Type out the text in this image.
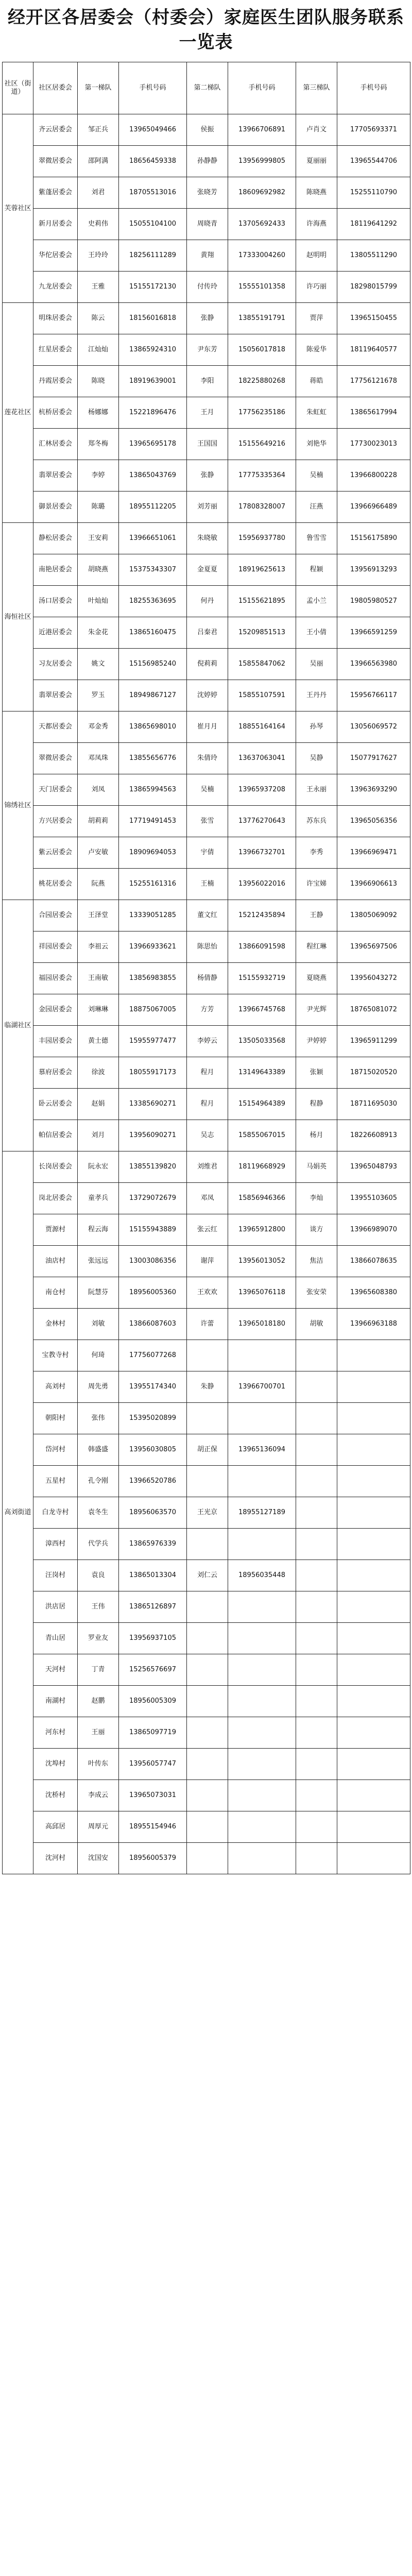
经开区各居委会（村委会）家庭医生团队服务联系一览表
社区（街道）	社区居委会	第一梯队	手机号码	第二梯队	手机号码	第三梯队	手机号码
芙蓉社区	齐云居委会	邹正兵	13965049466	侯振	13966706891	卢肖文	17705693371
	翠微居委会	邵阿满	18656459338	孙静静	13956999805	夏丽丽	13965544706
	紫蓬居委会	刘君	18705513016	张晓芳	18609692982	陈晓燕	15255110790
	新月居委会	史莉伟	15055104100	周晓青	13705692433	许海燕	18119641292
	华佗居委会	王玲玲	18256111289	黄翔	17333004260	赵明明	13805511290
	九龙居委会	王雅	15155172130	付传玲	15555101358	许巧丽	18298015799
莲花社区	明珠居委会	陈云	18156016818	张静	13855191791	贾萍	13965150455
	红星居委会	江灿灿	13865924310	尹东芳	15056017818	陈爱华	18119640577
	丹霞居委会	陈晓	18919639001	李阳	18225880268	蒋皓	17756121678
	杭桥居委会	杨娜娜	15221896476	王月	17756235186	朱虹虹	13865617994
	汇林居委会	郑冬梅	13965695178	王国国	15155649216	刘艳华	17730023013
	翡翠居委会	李婷	13865043769	张静	17775335364	吴楠	13966800228
	御景居委会	陈璐	18955112205	刘芳丽	17808328007	汪燕	13966966489
海恒社区	静松居委会	王安莉	13966651061	朱晓敏	15956937780	鲁雪雪	15156175890
	南艳居委会	胡晓燕	15375343307	金夏夏	18919625613	程颖	13956913293
	汤口居委会	叶灿灿	18255363695	何丹	15155621895	孟小兰	19805980527
	近港居委会	朱金花	13865160475	吕秦君	15209851513	王小倩	13966591259
	习友居委会	姚文	15156985240	倪莉莉	15855847062	吴丽	13966563980
	翡翠居委会	罗玉	18949867127	沈婷婷	15855107591	王丹丹	15956766117
锦绣社区	天都居委会	邓金秀	13865698010	崔月月	18855164164	孙琴	13056069572
	翠微居委会	邓凤珠	13855656776	朱倩玲	13637063041	吴静	15077917627
	天门居委会	刘凤	13865994563	吴楠	13965937208	王永丽	13963693290
	方兴居委会	胡莉莉	17719491453	张雪	13776270643	苏东兵	13965056356
	紫云居委会	卢安敏	18909694053	宇倩	13966732701	李秀	13966969471
	桃花居委会	阮燕	15255161316	王楠	13956022016	许宝娣	13966906613
临湖社区	合园居委会	王泽堂	13339051285	董文红	15212435894	王静	13805069092
	祥园居委会	李祖云	13966933621	陈思怡	13866091598	程红琳	13965697506
	福园居委会	王南敏	13856983855	杨倩静	15155932719	夏晓燕	13956043272
	金园居委会	刘琳琳	18875067005	方芳	13966745768	尹光辉	18765081072
	丰园居委会	黄士德	15955977477	李婷云	13505033568	尹婷婷	13965911299
	慕府居委会	徐波	18055917173	程月	13149643389	张颖	18715020520
	卧云居委会	赵娟	13385690271	程月	15154964389	程静	18711695030
	帕信居委会	刘月	13956090271	吴志	15855067015	杨月	18226608913
高刘街道	长岗居委会	阮永宏	13855139820	刘维君	18119668929	马娟英	13965048793
	岗北居委会	童孝兵	13729072679	邓凤	15856946366	李灿	13955103605
	贾源村	程云海	15155943889	张云红	13965912800	谈方	13966989070
	油店村	张远远	13003086356	谢萍	13956013052	焦洁	13866078635
	南仓村	阮慧芬	18956005360	王欢欢	13965076118	张安荣	13965608380
	金林村	刘敏	13866087603	许蕾	13965018180	胡敏	13966963188
	宝教寺村	何琦	17756077268				
	高刘村	周先勇	13955174340	朱静	13966700701		
	朝阳村	张伟	15395020899				
	岱河村	韩盛盛	13956030805	胡正保	13965136094		
	五星村	孔令刚	13966520786				
	白龙寺村	袁冬生	18956063570	王光京	18955127189		
	漳西村	代学兵	13865976339				
	汪岗村	袁良	13865013304	刘仁云	18956035448		
	洪店居	王伟	13865126897				
	青山居	罗业友	13956937105				
	天河村	丁青	15256576697				
	南湖村	赵鹏	18956005309				
	河东村	王丽	13865097719				
	沈埠村	叶传东	13956057747				
	沈桥村	李成云	13965073031				
	高邱居	周厚元	18955154946				
	沈河村	沈国安	18956005379				
